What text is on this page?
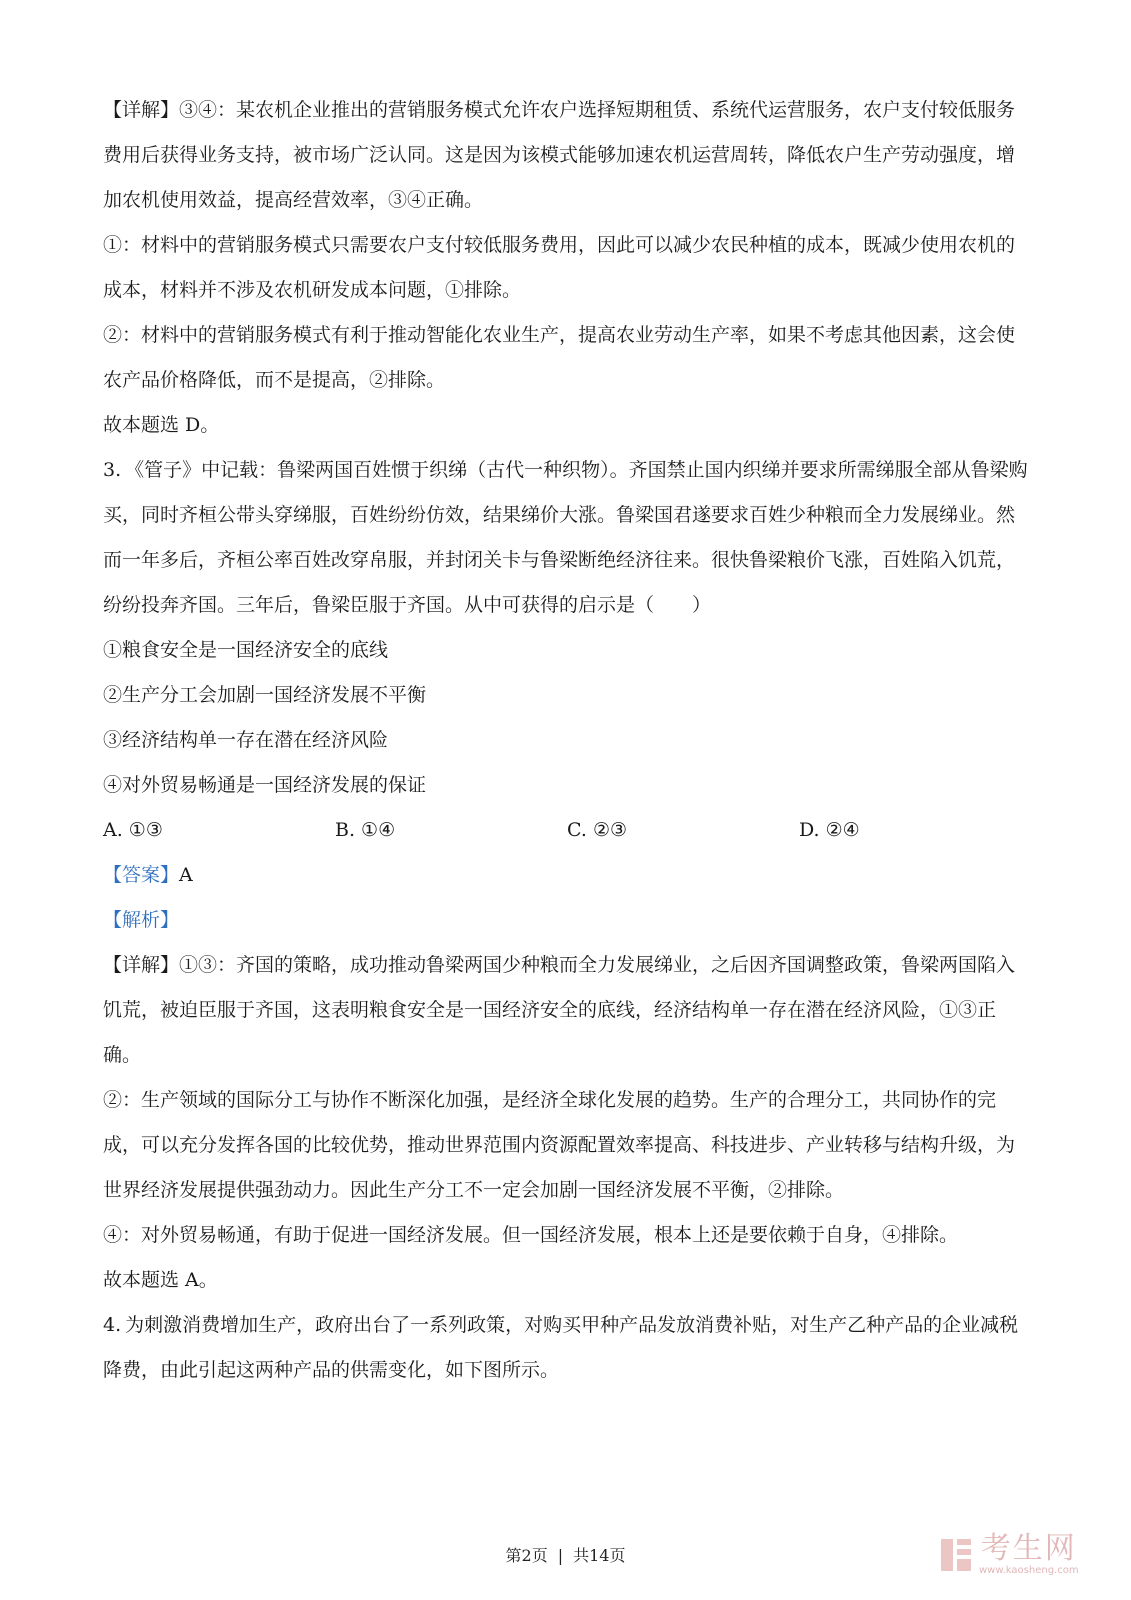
【详解】③④：某农机企业推出的营销服务模式允许农户选择短期租赁、系统代运营服务，农户支付较低服务费用后获得业务支持，被市场广泛认同。这是因为该模式能够加速农机运营周转，降低农户生产劳动强度，增加农机使用效益，提高经营效率，③④正确。

①：材料中的营销服务模式只需要农户支付较低服务费用，因此可以减少农民种植的成本，既减少使用农机的成本，材料并不涉及农机研发成本问题，①排除。

②：材料中的营销服务模式有利于推动智能化农业生产，提高农业劳动生产率，如果不考虑其他因素，这会使农产品价格降低，而不是提高，②排除。

故本题选 D。

3. 《管子》中记载：鲁梁两国百姓惯于织绨（古代一种织物）。齐国禁止国内织绨并要求所需绨服全部从鲁梁购买，同时齐桓公带头穿绨服，百姓纷纷仿效，结果绨价大涨。鲁梁国君遂要求百姓少种粮而全力发展绨业。然而一年多后，齐桓公率百姓改穿帛服，并封闭关卡与鲁梁断绝经济往来。很快鲁梁粮价飞涨，百姓陷入饥荒，纷纷投奔齐国。三年后，鲁梁臣服于齐国。从中可获得的启示是（　　）

①粮食安全是一国经济安全的底线

②生产分工会加剧一国经济发展不平衡

③经济结构单一存在潜在经济风险

④对外贸易畅通是一国经济发展的保证

A. ①③	B. ①④	C. ②③	D. ②④

【答案】A

【解析】

【详解】①③：齐国的策略，成功推动鲁梁两国少种粮而全力发展绨业，之后因齐国调整政策，鲁梁两国陷入饥荒，被迫臣服于齐国，这表明粮食安全是一国经济安全的底线，经济结构单一存在潜在经济风险，①③正确。

②：生产领域的国际分工与协作不断深化加强，是经济全球化发展的趋势。生产的合理分工，共同协作的完成，可以充分发挥各国的比较优势，推动世界范围内资源配置效率提高、科技进步、产业转移与结构升级，为世界经济发展提供强劲动力。因此生产分工不一定会加剧一国经济发展不平衡，②排除。

④：对外贸易畅通，有助于促进一国经济发展。但一国经济发展，根本上还是要依赖于自身，④排除。

故本题选 A。

4. 为刺激消费增加生产，政府出台了一系列政策，对购买甲种产品发放消费补贴，对生产乙种产品的企业减税降费，由此引起这两种产品的供需变化，如下图所示。

考生网
www.kaosheng.com
第2页 | 共14页
